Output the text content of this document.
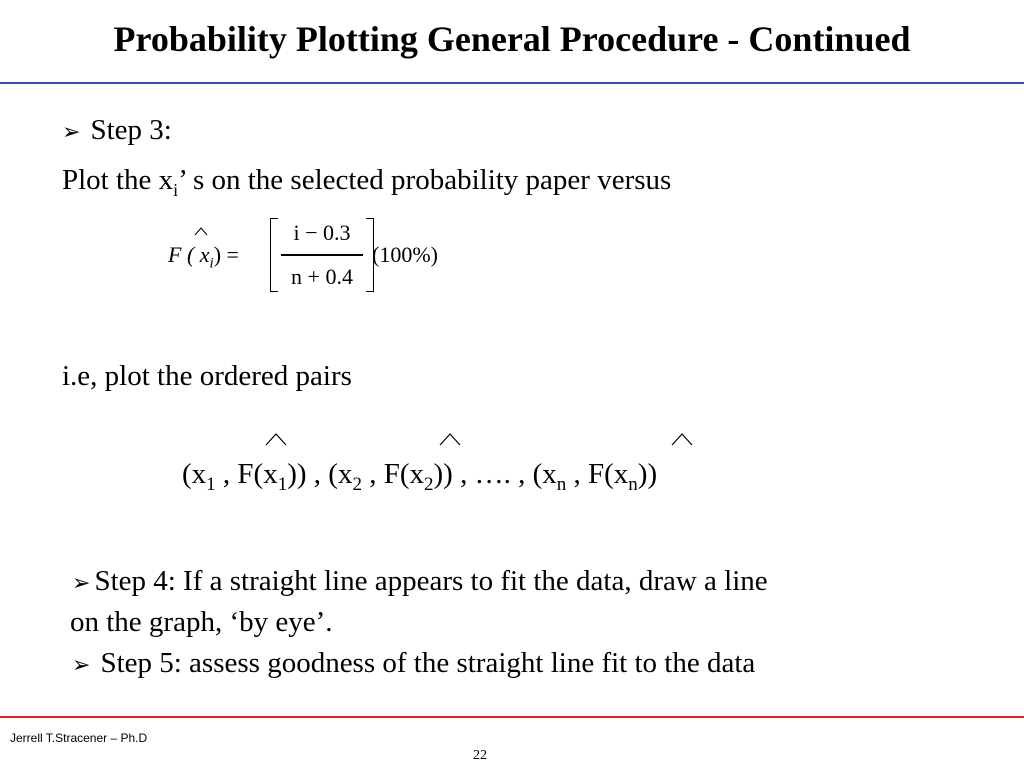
Probability Plotting General Procedure - Continued
➢ Step 3:
Plot the $x_i$’ s on the selected probability paper versus
F ( $x_i$) =
i − 0.3
n + 0.4
(100%)
i.e, plot the ordered pairs
($x_1$ , $F(x_1)$) , ($x_2$ , $F(x_2)$) , …. , ($x_n$ , $F(x_n)$)
➢ Step 4: If a straight line appears to fit the data, draw a line
on the graph, ‘by eye’.
➢ Step 5: assess goodness of the straight line fit to the data
Jerrell T.Stracener – Ph.D
22
